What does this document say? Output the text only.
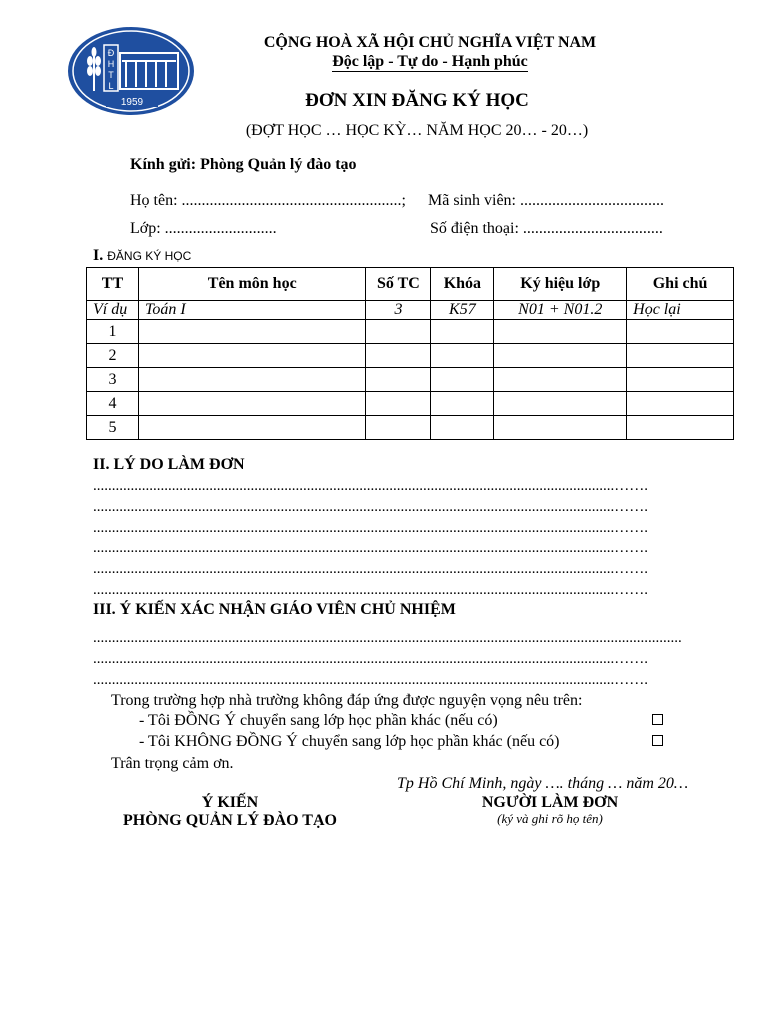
Đ
H
T
L
1959
CỘNG HOÀ XÃ HỘI CHỦ NGHĨA VIỆT NAM
Độc lập - Tự do - Hạnh phúc
ĐƠN XIN ĐĂNG KÝ HỌC
(ĐỢT HỌC … HỌC KỲ… NĂM HỌC 20… - 20…)
Kính gửi: Phòng Quản lý đào tạo
Họ tên: .......................................................; Mã sinh viên: ....................................
Lớp: ............................	Số điện thoại: ...................................
I. ĐĂNG KÝ HỌC
TT	Tên môn học	Số TC	Khóa	Ký hiệu lớp	Ghi chú
Ví dụ	Toán I	3	K57	N01 + N01.2	Học lại
1					
2					
3					
4					
5					
II. LÝ DO LÀM ĐƠN
...........................................................................................................................................…….
...........................................................................................................................................…….
...........................................................................................................................................…….
...........................................................................................................................................…….
...........................................................................................................................................…….
...........................................................................................................................................…….
III. Ý KIẾN XÁC NHẬN GIÁO VIÊN CHỦ NHIỆM
.............................................................................................................................................................
...........................................................................................................................................…….
...........................................................................................................................................…….
Trong trường hợp nhà trường không đáp ứng được nguyện vọng nêu trên:
- Tôi ĐỒNG Ý chuyển sang lớp học phần khác (nếu có)
- Tôi KHÔNG ĐỒNG Ý chuyển sang lớp học phần khác (nếu có)
Trân trọng cảm ơn.
Tp Hồ Chí Minh, ngày …. tháng … năm 20…
Ý KIẾN
PHÒNG QUẢN LÝ ĐÀO TẠO
NGƯỜI LÀM ĐƠN
(ký và ghi rõ họ tên)
